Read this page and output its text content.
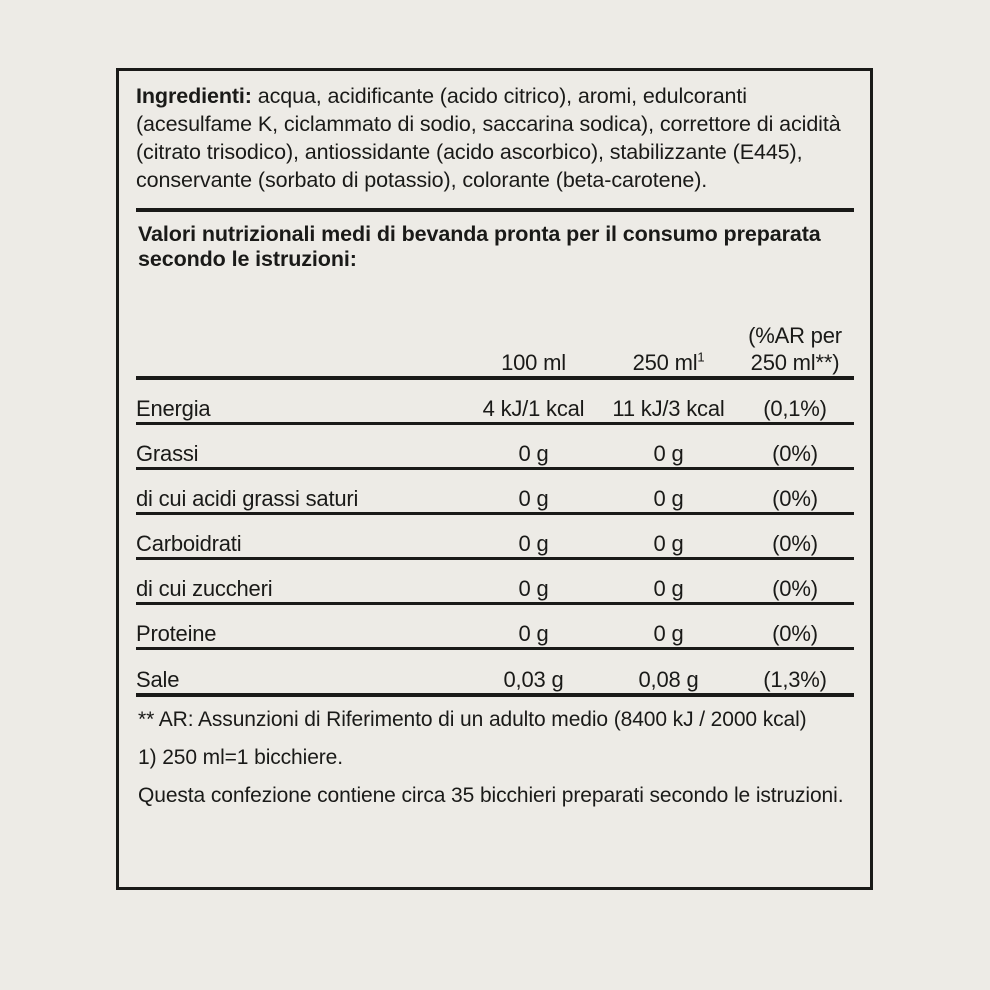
Ingredienti: acqua, acidificante (acido citrico), aromi, edulcoranti (acesulfame K, ciclammato di sodio, saccarina sodica), correttore di acidità (citrato trisodico), antiossidante (acido ascorbico), stabilizzante (E445), conservante (sorbato di potassio), colorante (beta-carotene).
Valori nutrizionali medi di bevanda pronta per il consumo preparata secondo le istruzioni:

	100 ml	250 $ml^1$	(%AR per
250 ml**)

Energia	4 kJ/1 kcal	11 kJ/3 kcal	(0,1%)
Grassi	0 g	0 g	(0%)
di cui acidi grassi saturi	0 g	0 g	(0%)
Carboidrati	0 g	0 g	(0%)
di cui zuccheri	0 g	0 g	(0%)
Proteine	0 g	0 g	(0%)
Sale	0,03 g	0,08 g	(1,3%)
** AR: Assunzioni di Riferimento di un adulto medio (8400 kJ / 2000 kcal)
1) 250 ml=1 bicchiere.
Questa confezione contiene circa 35 bicchieri preparati secondo le istruzioni.
